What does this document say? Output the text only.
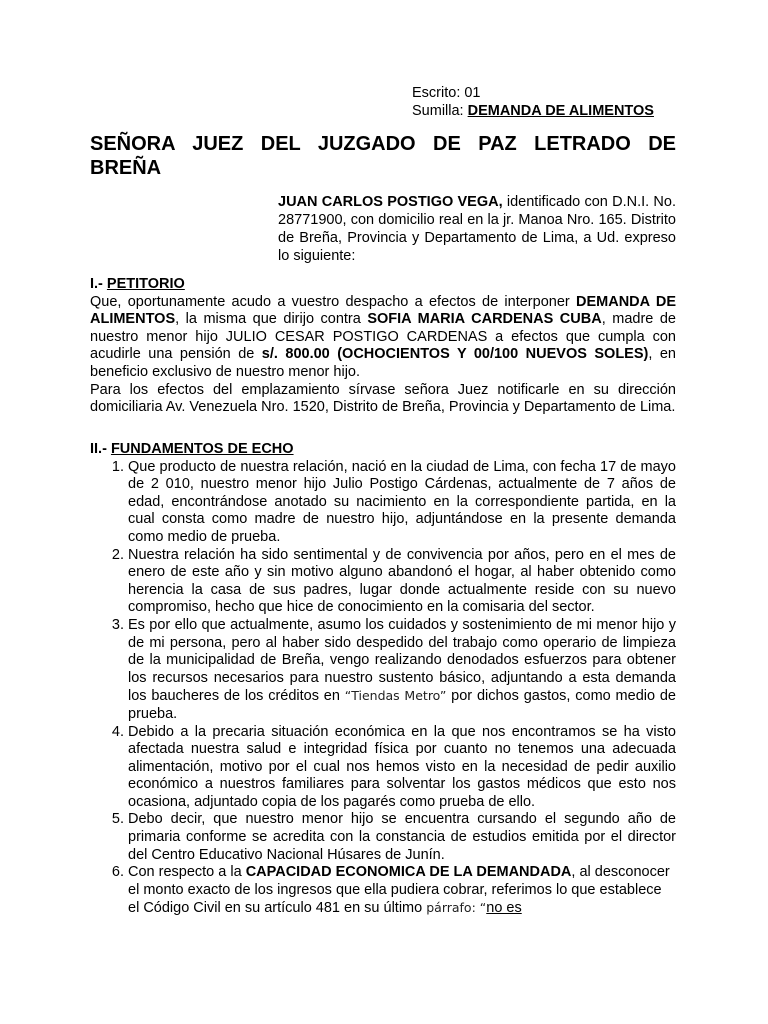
Escrito: 01
Sumilla: DEMANDA DE ALIMENTOS
SEÑORA JUEZ DEL JUZGADO DE PAZ LETRADO DE BREÑA
JUAN CARLOS POSTIGO VEGA, identificado con D.N.I. No. 28771900, con domicilio real en la jr. Manoa Nro. 165. Distrito de Breña, Provincia y Departamento de Lima, a Ud. expreso lo siguiente:
I.- PETITORIO

Que, oportunamente acudo a vuestro despacho a efectos de interponer DEMANDA DE ALIMENTOS, la misma que dirijo contra SOFIA MARIA CARDENAS CUBA, madre de nuestro menor hijo JULIO CESAR POSTIGO CARDENAS a efectos que cumpla con acudirle una pensión de s/. 800.00 (OCHOCIENTOS Y 00/100 NUEVOS SOLES), en beneficio exclusivo de nuestro menor hijo.

Para los efectos del emplazamiento sírvase señora Juez notificarle en su dirección domiciliaria Av. Venezuela Nro. 1520, Distrito de Breña, Provincia y Departamento de Lima.

II.- FUNDAMENTOS DE ECHO
1. Que producto de nuestra relación, nació en la ciudad de Lima, con fecha 17 de mayo de 2 010, nuestro menor hijo Julio Postigo Cárdenas, actualmente de 7 años de edad, encontrándose anotado su nacimiento en la correspondiente partida, en la cual consta como madre de nuestro hijo, adjuntándose en la presente demanda como medio de prueba.
2. Nuestra relación ha sido sentimental y de convivencia por años, pero en el mes de enero de este año y sin motivo alguno abandonó el hogar, al haber obtenido como herencia la casa de sus padres, lugar donde actualmente reside con su nuevo compromiso, hecho que hice de conocimiento en la comisaria del sector.
3. Es por ello que actualmente, asumo los cuidados y sostenimiento de mi menor hijo y de mi persona, pero al haber sido despedido del trabajo como operario de limpieza de la municipalidad de Breña, vengo realizando denodados esfuerzos para obtener los recursos necesarios para nuestro sustento básico, adjuntando a esta demanda los baucheres de los créditos en “Tiendas Metro” por dichos gastos, como medio de prueba.
4. Debido a la precaria situación económica en la que nos encontramos se ha visto afectada nuestra salud e integridad física por cuanto no tenemos una adecuada alimentación, motivo por el cual nos hemos visto en la necesidad de pedir auxilio económico a nuestros familiares para solventar los gastos médicos que esto nos ocasiona, adjuntado copia de los pagarés como prueba de ello.
5. Debo decir, que nuestro menor hijo se encuentra cursando el segundo año de primaria conforme se acredita con la constancia de estudios emitida por el director del Centro Educativo Nacional Húsares de Junín.
6. Con respecto a la CAPACIDAD ECONOMICA DE LA DEMANDADA, al desconocer el monto exacto de los ingresos que ella pudiera cobrar, referimos lo que establece el Código Civil en su artículo 481 en su último párrafo: “no es
